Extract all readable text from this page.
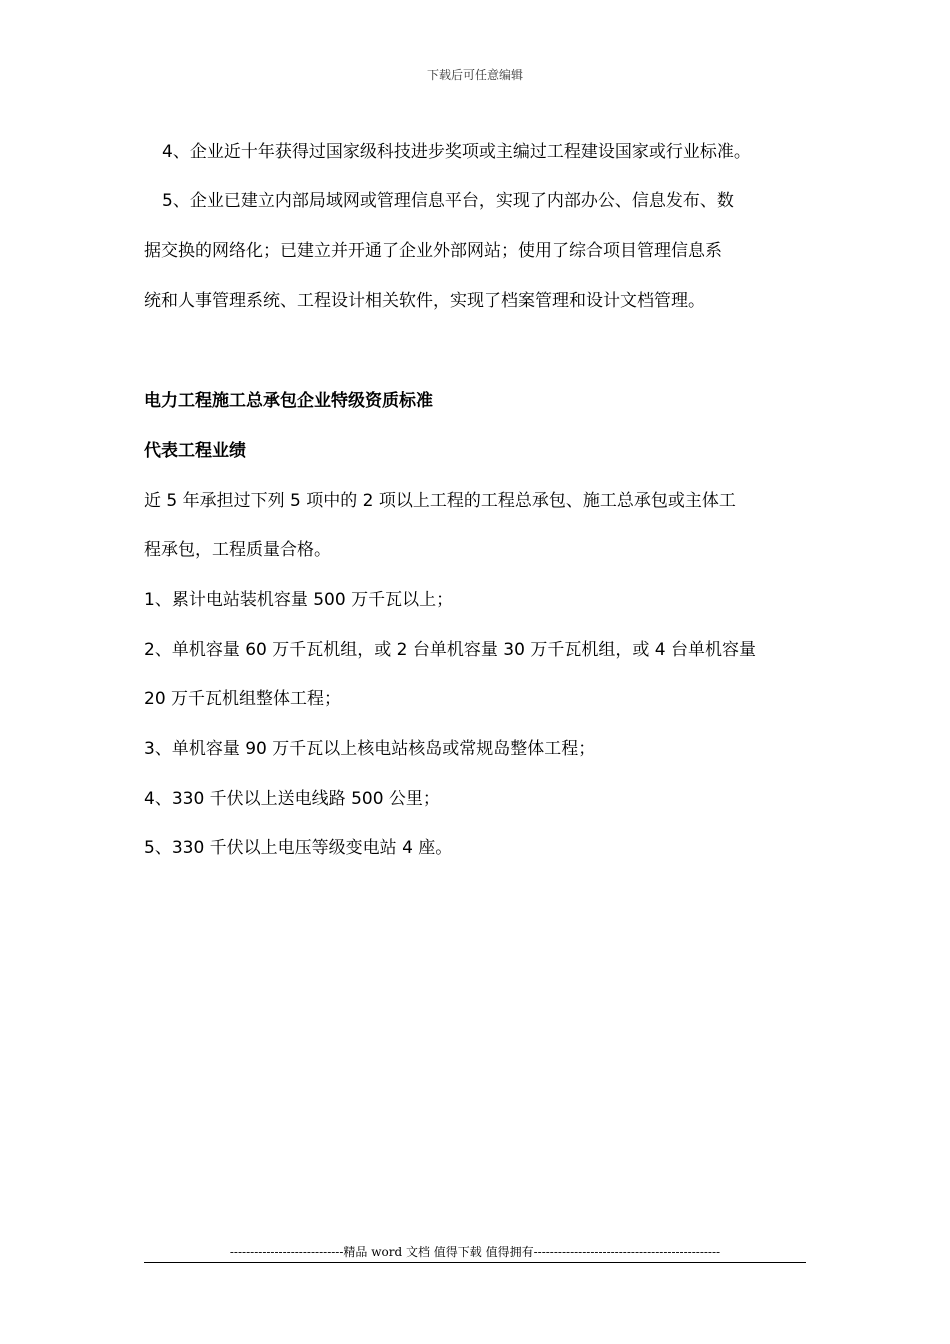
下载后可任意编辑
4、企业近十年获得过国家级科技进步奖项或主编过工程建设国家或行业标准。
5、企业已建立内部局域网或管理信息平台，实现了内部办公、信息发布、数
据交换的网络化；已建立并开通了企业外部网站；使用了综合项目管理信息系
统和人事管理系统、工程设计相关软件，实现了档案管理和设计文档管理。
电力工程施工总承包企业特级资质标准
代表工程业绩
近 5 年承担过下列 5 项中的 2 项以上工程的工程总承包、施工总承包或主体工
程承包，工程质量合格。
1、累计电站装机容量 500 万千瓦以上；
2、单机容量 60 万千瓦机组，或 2 台单机容量 30 万千瓦机组，或 4 台单机容量
20 万千瓦机组整体工程；
3、单机容量 90 万千瓦以上核电站核岛或常规岛整体工程；
4、330 千伏以上送电线路 500 公里；
5、330 千伏以上电压等级变电站 4 座。
----------------------------精品 word 文档 值得下载 值得拥有----------------------------------------------
